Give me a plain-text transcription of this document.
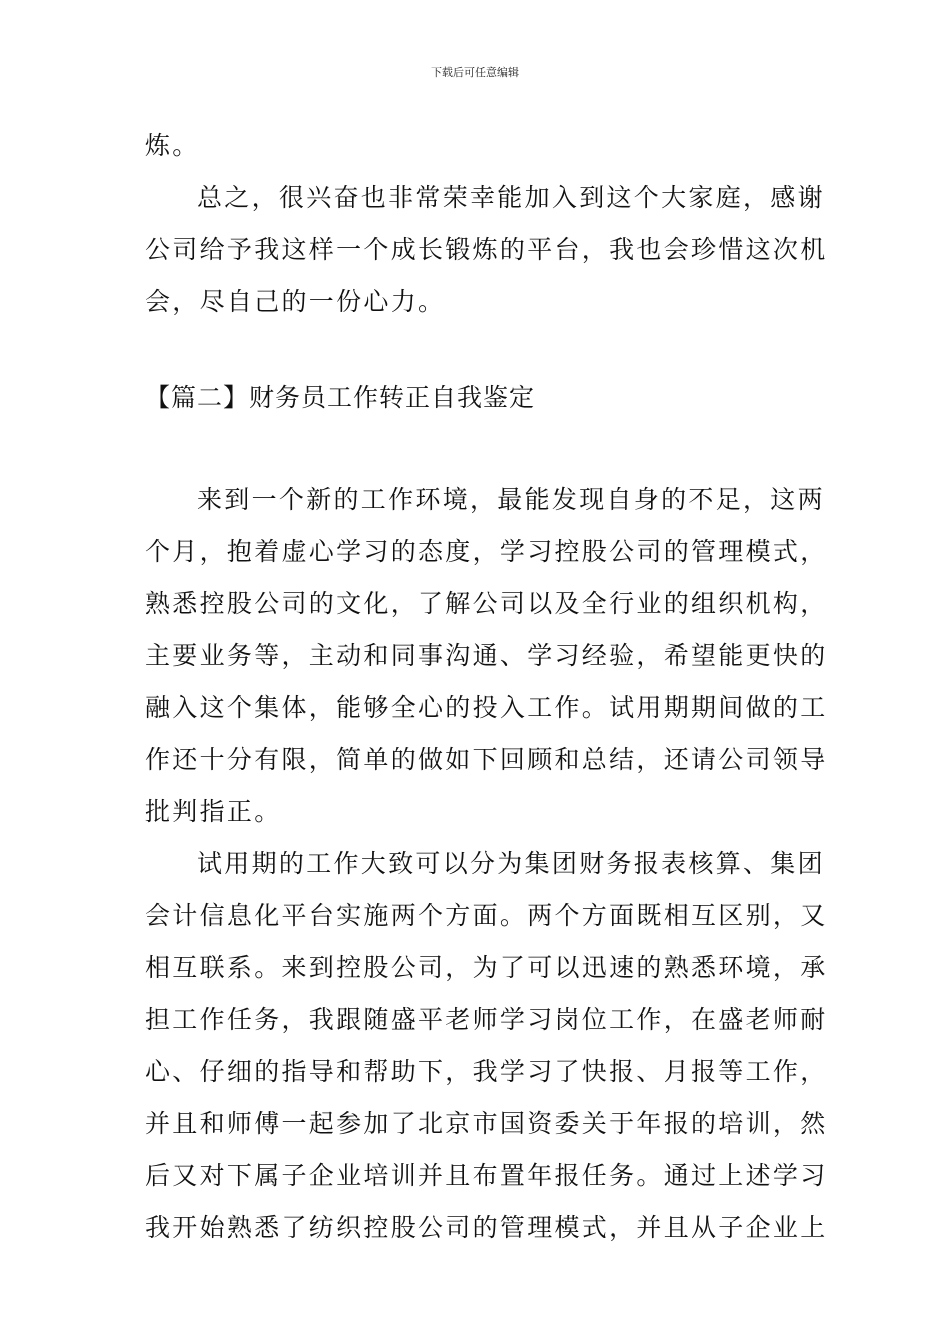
下载后可任意编辑
炼。
总之，很兴奋也非常荣幸能加入到这个大家庭，感谢
公司给予我这样一个成长锻炼的平台，我也会珍惜这次机
会，尽自己的一份心力。
【篇二】财务员工作转正自我鉴定
来到一个新的工作环境，最能发现自身的不足，这两
个月，抱着虚心学习的态度，学习控股公司的管理模式，
熟悉控股公司的文化，了解公司以及全行业的组织机构，
主要业务等，主动和同事沟通、学习经验，希望能更快的
融入这个集体，能够全心的投入工作。试用期期间做的工
作还十分有限，简单的做如下回顾和总结，还请公司领导
批判指正。
试用期的工作大致可以分为集团财务报表核算、集团
会计信息化平台实施两个方面。两个方面既相互区别，又
相互联系。来到控股公司，为了可以迅速的熟悉环境，承
担工作任务，我跟随盛平老师学习岗位工作，在盛老师耐
心、仔细的指导和帮助下，我学习了快报、月报等工作，
并且和师傅一起参加了北京市国资委关于年报的培训，然
后又对下属子企业培训并且布置年报任务。通过上述学习
我开始熟悉了纺织控股公司的管理模式，并且从子企业上
